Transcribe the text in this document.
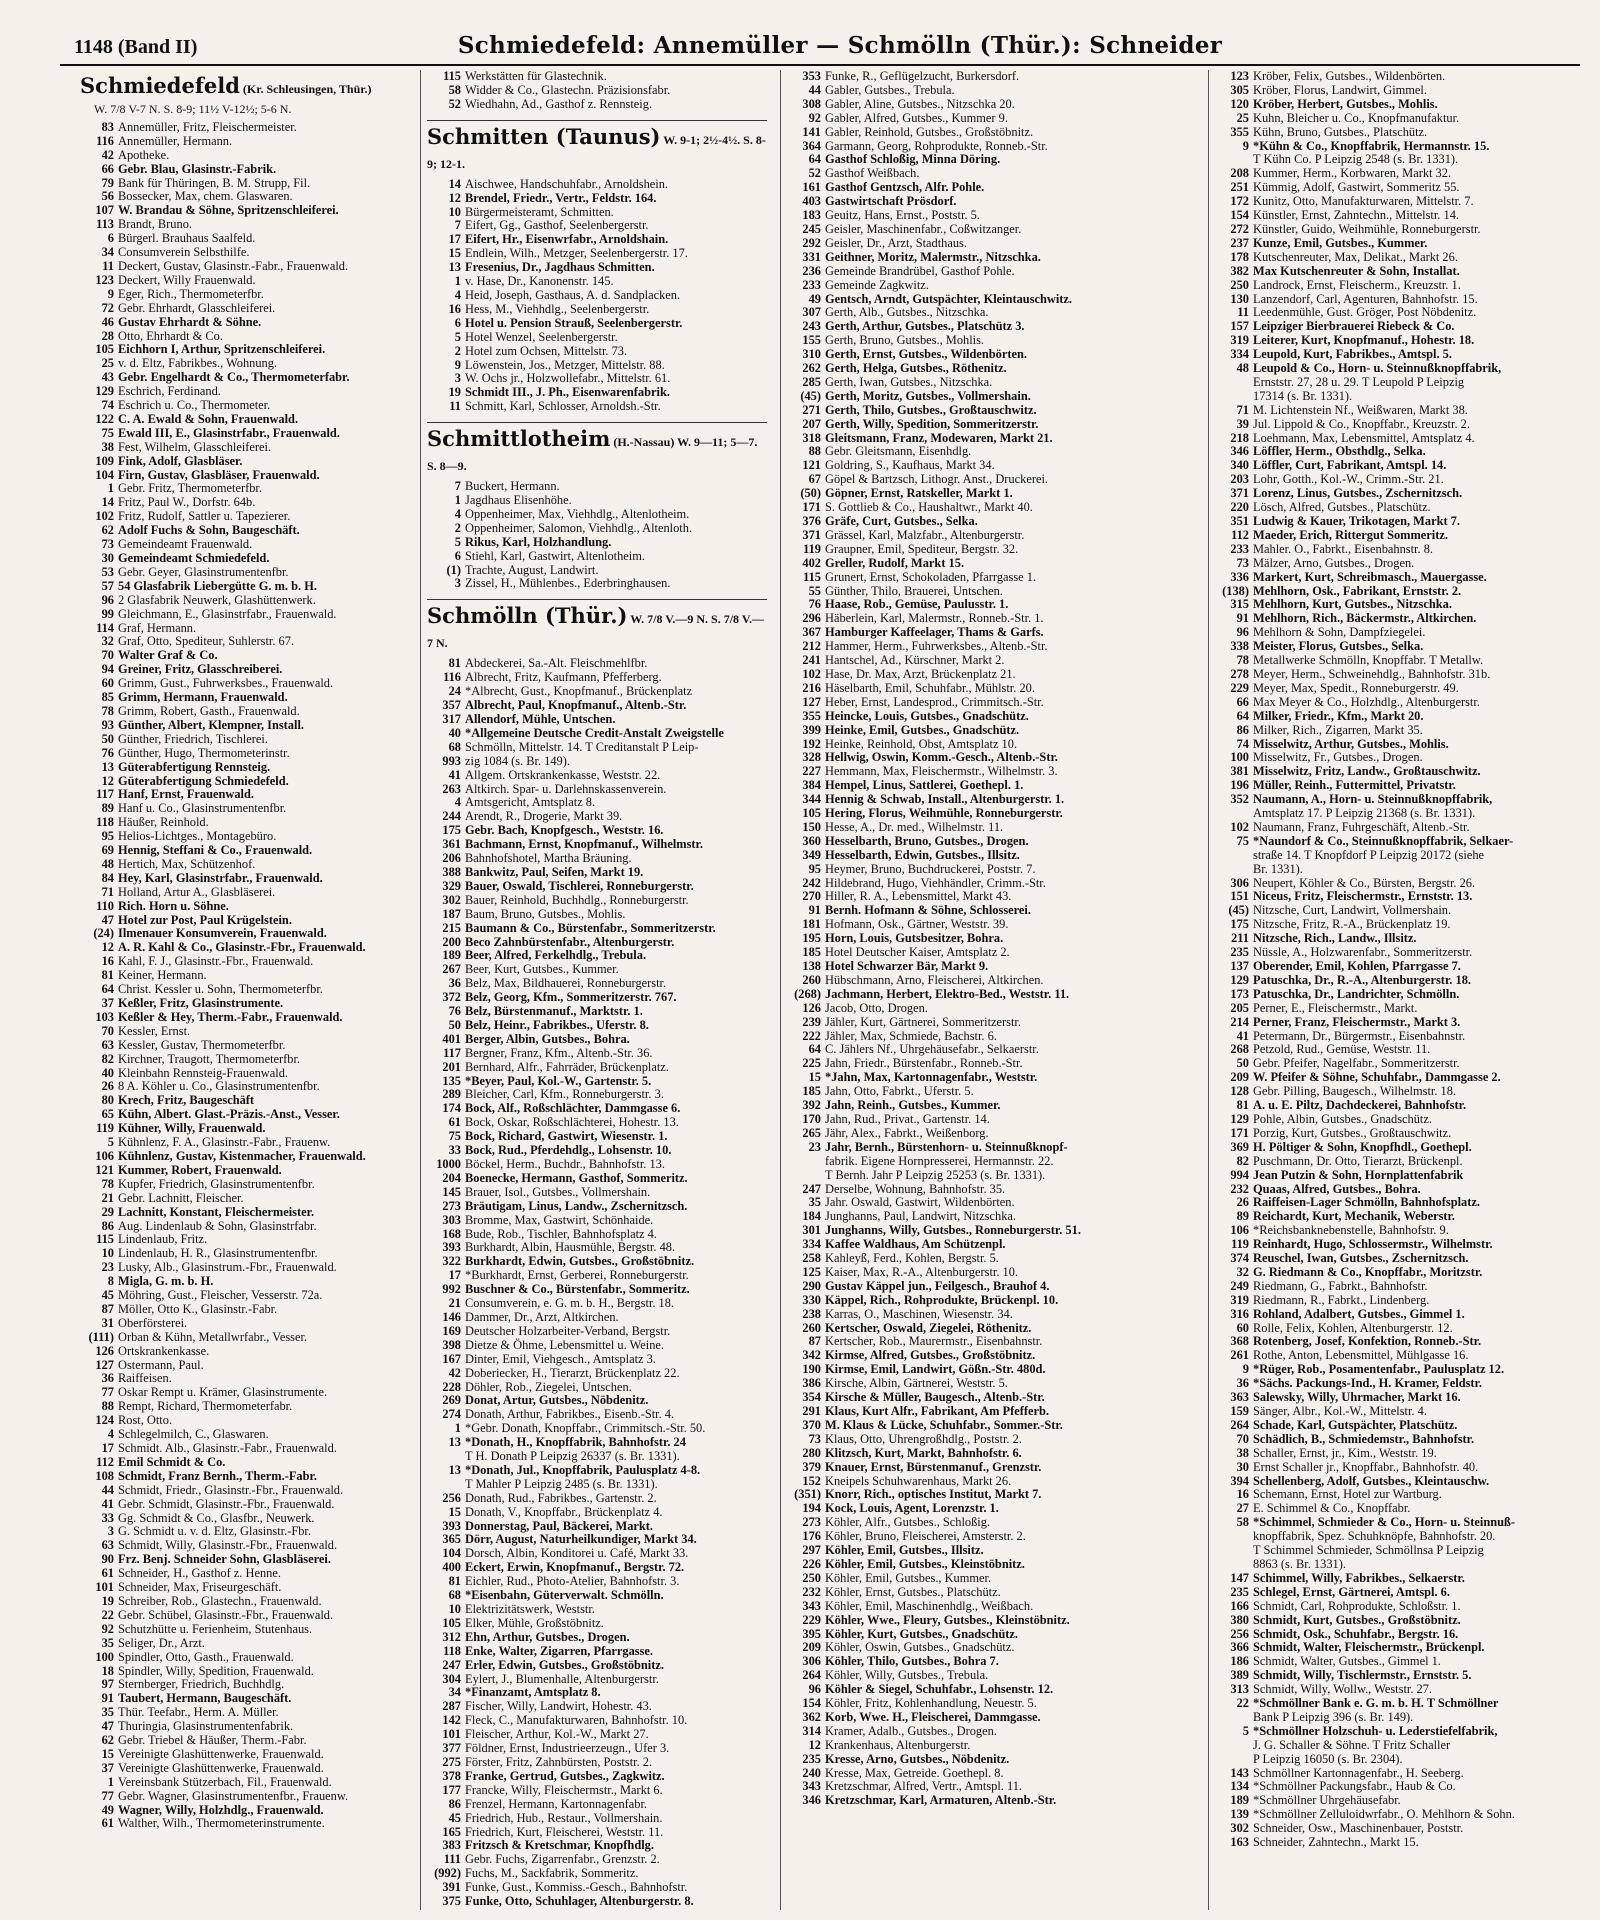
1148 (Band II)	Schmiedefeld: Annemüller — Schmölln (Thür.): Schneider
Schmiedefeld (Kr. Schleusingen, Thür.)
W. 7/8 V-7 N. S. 8-9; 11½ V-12½; 5-6 N.
83 Annemüller, Fritz, Fleischermeister.
116 Annemüller, Hermann.
42 Apotheke.
66 Gebr. Blau, Glasinstr.-Fabrik.
79 Bank für Thüringen, B. M. Strupp, Fil.
56 Bossecker, Max, chem. Glaswaren.
107 W. Brandau & Söhne, Spritzenschleiferei.
113 Brandt, Bruno.
6 Bürgerl. Brauhaus Saalfeld.
34 Consumverein Selbsthilfe.
11 Deckert, Gustav, Glasinstr.-Fabr., Frauenwald.
123 Deckert, Willy Frauenwald.
9 Eger, Rich., Thermometerfbr.
72 Gebr. Ehrhardt, Glasschleiferei.
46 Gustav Ehrhardt & Söhne.
28 Otto, Ehrhardt & Co.
105 Eichhorn I, Arthur, Spritzenschleiferei.
25 v. d. Eltz, Fabrikbes., Wohnung.
43 Gebr. Engelhardt & Co., Thermometerfabr.
129 Eschrich, Ferdinand.
74 Eschrich u. Co., Thermometer.
122 C. A. Ewald & Sohn, Frauenwald.
75 Ewald III, E., Glasinstrfabr., Frauenwald.
38 Fest, Wilhelm, Glasschleiferei.
109 Fink, Adolf, Glasbläser.
104 Firn, Gustav, Glasbläser, Frauenwald.
1 Gebr. Fritz, Thermometerfbr.
14 Fritz, Paul W., Dorfstr. 64b.
102 Fritz, Rudolf, Sattler u. Tapezierer.
62 Adolf Fuchs & Sohn, Baugeschäft.
73 Gemeindeamt Frauenwald.
30 Gemeindeamt Schmiedefeld.
53 Gebr. Geyer, Glasinstrumentenfbr.
57 54 Glasfabrik Liebergütte G. m. b. H.
96 2 Glasfabrik Neuwerk, Glashüttenwerk.
99 Gleichmann, E., Glasinstrfabr., Frauenwald.
114 Graf, Hermann.
32 Graf, Otto, Spediteur, Suhlerstr. 67.
70 Walter Graf & Co.
94 Greiner, Fritz, Glasschreiberei.
60 Grimm, Gust., Fuhrwerksbes., Frauenwald.
85 Grimm, Hermann, Frauenwald.
78 Grimm, Robert, Gasth., Frauenwald.
93 Günther, Albert, Klempner, Install.
50 Günther, Friedrich, Tischlerei.
76 Günther, Hugo, Thermometerinstr.
13 Güterabfertigung Rennsteig.
12 Güterabfertigung Schmiedefeld.
117 Hanf, Ernst, Frauenwald.
89 Hanf u. Co., Glasinstrumentenfbr.
118 Häußer, Reinhold.
95 Helios-Lichtges., Montagebüro.
69 Hennig, Steffani & Co., Frauenwald.
48 Hertich, Max, Schützenhof.
84 Hey, Karl, Glasinstrfabr., Frauenwald.
71 Holland, Artur A., Glasbläserei.
110 Rich. Horn u. Söhne.
47 Hotel zur Post, Paul Krügelstein.
(24) Ilmenauer Konsumverein, Frauenwald.
12 A. R. Kahl & Co., Glasinstr.-Fbr., Frauenwald.
16 Kahl, F. J., Glasinstr.-Fbr., Frauenwald.
81 Keiner, Hermann.
64 Christ. Kessler u. Sohn, Thermometerfbr.
37 Keßler, Fritz, Glasinstrumente.
103 Keßler & Hey, Therm.-Fabr., Frauenwald.
70 Kessler, Ernst.
63 Kessler, Gustav, Thermometerfbr.
82 Kirchner, Traugott, Thermometerfbr.
40 Kleinbahn Rennsteig-Frauenwald.
26 8 A. Köhler u. Co., Glasinstrumentenfbr.
80 Krech, Fritz, Baugeschäft
65 Kühn, Albert. Glast.-Präzis.-Anst., Vesser.
119 Kühner, Willy, Frauenwald.
5 Kühnlenz, F. A., Glasinstr.-Fabr., Frauenw.
106 Kühnlenz, Gustav, Kistenmacher, Frauenwald.
121 Kummer, Robert, Frauenwald.
78 Kupfer, Friedrich, Glasinstrumentenfbr.
21 Gebr. Lachnitt, Fleischer.
29 Lachnitt, Konstant, Fleischermeister.
86 Aug. Lindenlaub & Sohn, Glasinstrfabr.
115 Lindenlaub, Fritz.
10 Lindenlaub, H. R., Glasinstrumentenfbr.
23 Lusky, Alb., Glasinstrum.-Fbr., Frauenwald.
8 Migla, G. m. b. H.
45 Möhring, Gust., Fleischer, Vesserstr. 72a.
87 Möller, Otto K., Glasinstr.-Fabr.
31 Oberförsterei.
(111) Orban & Kühn, Metallwrfabr., Vesser.
126 Ortskrankenkasse.
127 Ostermann, Paul.
36 Raiffeisen.
77 Oskar Rempt u. Krämer, Glasinstrumente.
88 Rempt, Richard, Thermometerfabr.
124 Rost, Otto.
4 Schlegelmilch, C., Glaswaren.
17 Schmidt. Alb., Glasinstr.-Fabr., Frauenwald.
112 Emil Schmidt & Co.
108 Schmidt, Franz Bernh., Therm.-Fabr.
44 Schmidt, Friedr., Glasinstr.-Fbr., Frauenwald.
41 Gebr. Schmidt, Glasinstr.-Fbr., Frauenwald.
33 Gg. Schmidt & Co., Glasfbr., Neuwerk.
3 G. Schmidt u. v. d. Eltz, Glasinstr.-Fbr.
63 Schmidt, Willy, Glasinstr.-Fbr., Frauenwald.
90 Frz. Benj. Schneider Sohn, Glasbläserei.
61 Schneider, H., Gasthof z. Henne.
101 Schneider, Max, Friseurgeschäft.
19 Schreiber, Rob., Glastechn., Frauenwald.
22 Gebr. Schübel, Glasinstr.-Fbr., Frauenwald.
92 Schutzhütte u. Ferienheim, Stutenhaus.
35 Seliger, Dr., Arzt.
100 Spindler, Otto, Gasth., Frauenwald.
18 Spindler, Willy, Spedition, Frauenwald.
97 Sternberger, Friedrich, Buchhdlg.
91 Taubert, Hermann, Baugeschäft.
35 Thür. Teefabr., Herm. A. Müller.
47 Thuringia, Glasinstrumentenfabrik.
62 Gebr. Triebel & Häußer, Therm.-Fabr.
15 Vereinigte Glashüttenwerke, Frauenwald.
37 Vereinigte Glashüttenwerke, Frauenwald.
1 Vereinsbank Stützerbach, Fil., Frauenwald.
77 Gebr. Wagner, Glasinstrumentenfbr., Frauenw.
49 Wagner, Willy, Holzhdlg., Frauenwald.
61 Walther, Wilh., Thermometerinstrumente.
115 Werkstätten für Glastechnik.
58 Widder & Co., Glastechn. Präzisionsfabr.
52 Wiedhahn, Ad., Gasthof z. Rennsteig.
Schmitten (Taunus) W. 9-1; 2½-4½. S. 8-9; 12-1.
14 Aischwee, Handschuhfabr., Arnoldshein.
12 Brendel, Friedr., Vertr., Feldstr. 164.
10 Bürgermeisteramt, Schmitten.
7 Eifert, Gg., Gasthof, Seelenbergerstr.
17 Eifert, Hr., Eisenwrfabr., Arnoldshain.
15 Endlein, Wilh., Metzger, Seelenbergerstr. 17.
13 Fresenius, Dr., Jagdhaus Schmitten.
1 v. Hase, Dr., Kanonenstr. 145.
4 Heid, Joseph, Gasthaus, A. d. Sandplacken.
16 Hess, M., Viehhdlg., Seelenbergerstr.
6 Hotel u. Pension Strauß, Seelenbergerstr.
5 Hotel Wenzel, Seelenbergerstr.
2 Hotel zum Ochsen, Mittelstr. 73.
9 Löwenstein, Jos., Metzger, Mittelstr. 88.
3 W. Ochs jr., Holzwollefabr., Mittelstr. 61.
19 Schmidt III., J. Ph., Eisenwarenfabrik.
11 Schmitt, Karl, Schlosser, Arnoldsh.-Str.
Schmittlotheim (H.-Nassau) W. 9—11; 5—7. S. 8—9.
7 Buckert, Hermann.
1 Jagdhaus Elisenhöhe.
4 Oppenheimer, Max, Viehhdlg., Altenlotheim.
2 Oppenheimer, Salomon, Viehhdlg., Altenloth.
5 Rikus, Karl, Holzhandlung.
6 Stiehl, Karl, Gastwirt, Altenlotheim.
(1) Trachte, August, Landwirt.
3 Zissel, H., Mühlenbes., Ederbringhausen.
Schmölln (Thür.) W. 7/8 V.—9 N. S. 7/8 V.—7 N.
81 Abdeckerei, Sa.-Alt. Fleischmehlfbr.
116 Albrecht, Fritz, Kaufmann, Pfefferberg.
24 *Albrecht, Gust., Knopfmanuf., Brückenplatz
357 Albrecht, Paul, Knopfmanuf., Altenb.-Str.
317 Allendorf, Mühle, Untschen.
40 *Allgemeine Deutsche Credit-Anstalt Zweigstelle
68 Schmölln, Mittelstr. 14. T Creditanstalt P Leip-
993 zig 1084 (s. Br. 149).
41 Allgem. Ortskrankenkasse, Weststr. 22.
263 Altkirch. Spar- u. Darlehnskassenverein.
4 Amtsgericht, Amtsplatz 8.
244 Arendt, R., Drogerie, Markt 39.
175 Gebr. Bach, Knopfgesch., Weststr. 16.
361 Bachmann, Ernst, Knopfmanuf., Wilhelmstr.
206 Bahnhofshotel, Martha Bräuning.
388 Bankwitz, Paul, Seifen, Markt 19.
329 Bauer, Oswald, Tischlerei, Ronneburgerstr.
302 Bauer, Reinhold, Buchhdlg., Ronneburgerstr.
187 Baum, Bruno, Gutsbes., Mohlis.
215 Baumann & Co., Bürstenfabr., Sommeritzerstr.
200 Beco Zahnbürstenfabr., Altenburgerstr.
189 Beer, Alfred, Ferkelhdlg., Trebula.
267 Beer, Kurt, Gutsbes., Kummer.
36 Belz, Max, Bildhauerei, Ronneburgerstr.
372 Belz, Georg, Kfm., Sommeritzerstr. 767.
76 Belz, Bürstenmanuf., Marktstr. 1.
50 Belz, Heinr., Fabrikbes., Uferstr. 8.
401 Berger, Albin, Gutsbes., Bohra.
117 Bergner, Franz, Kfm., Altenb.-Str. 36.
201 Bernhard, Alfr., Fahrräder, Brückenplatz.
135 *Beyer, Paul, Kol.-W., Gartenstr. 5.
289 Bleicher, Carl, Kfm., Ronneburgerstr. 3.
174 Bock, Alf., Roßschlächter, Dammgasse 6.
61 Bock, Oskar, Roßschlächterei, Hohestr. 13.
75 Bock, Richard, Gastwirt, Wiesenstr. 1.
33 Bock, Rud., Pferdehdlg., Lohsenstr. 10.
1000 Böckel, Herm., Buchdr., Bahnhofstr. 13.
204 Boenecke, Hermann, Gasthof, Sommeritz.
145 Brauer, Isol., Gutsbes., Vollmershain.
273 Bräutigam, Linus, Landw., Zschernitzsch.
303 Bromme, Max, Gastwirt, Schönhaide.
168 Bude, Rob., Tischler, Bahnhofsplatz 4.
393 Burkhardt, Albin, Hausmühle, Bergstr. 48.
322 Burkhardt, Edwin, Gutsbes., Großstöbnitz.
17 *Burkhardt, Ernst, Gerberei, Ronneburgerstr.
992 Buschner & Co., Bürstenfabr., Sommeritz.
21 Consumverein, e. G. m. b. H., Bergstr. 18.
146 Dammer, Dr., Arzt, Altkirchen.
169 Deutscher Holzarbeiter-Verband, Bergstr.
398 Dietze & Öhme, Lebensmittel u. Weine.
167 Dinter, Emil, Viehgesch., Amtsplatz 3.
42 Doberiecker, H., Tierarzt, Brückenplatz 22.
228 Döhler, Rob., Ziegelei, Untschen.
269 Donat, Artur, Gutsbes., Nöbdenitz.
274 Donath, Arthur, Fabrikbes., Eisenb.-Str. 4.
1 *Gebr. Donath, Knopffabr., Crimmitsch.-Str. 50.
13 *Donath, H., Knopffabrik, Bahnhofstr. 24
T H. Donath P Leipzig 26337 (s. Br. 1331).
13 *Donath, Jul., Knopffabrik, Paulusplatz 4-8.
T Mahler P Leipzig 2485 (s. Br. 1331).
256 Donath, Rud., Fabrikbes., Gartenstr. 2.
15 Donath, V., Knopffabr., Brückenplatz 4.
393 Donnerstag, Paul, Bäckerei, Markt.
365 Dörr, August, Naturheilkundiger, Markt 34.
104 Dorsch, Albin, Konditorei u. Café, Markt 33.
400 Eckert, Erwin, Knopfmanuf., Bergstr. 72.
81 Eichler, Rud., Photo-Atelier, Bahnhofstr. 3.
68 *Eisenbahn, Güterverwalt. Schmölln.
10 Elektrizitätswerk, Weststr.
105 Elker, Mühle, Großstöbnitz.
312 Ehn, Arthur, Gutsbes., Drogen.
118 Enke, Walter, Zigarren, Pfarrgasse.
247 Erler, Edwin, Gutsbes., Großstöbnitz.
304 Eylert, J., Blumenhalle, Altenburgerstr.
34 *Finanzamt, Amtsplatz 8.
287 Fischer, Willy, Landwirt, Hohestr. 43.
142 Fleck, C., Manufakturwaren, Bahnhofstr. 10.
101 Fleischer, Arthur, Kol.-W., Markt 27.
377 Földner, Ernst, Industrieerzeugn., Ufer 3.
275 Förster, Fritz, Zahnbürsten, Poststr. 2.
378 Franke, Gertrud, Gutsbes., Zagkwitz.
177 Francke, Willy, Fleischermstr., Markt 6.
86 Frenzel, Hermann, Kartonnagenfabr.
45 Friedrich, Hub., Restaur., Vollmershain.
165 Friedrich, Kurt, Fleischerei, Weststr. 11.
383 Fritzsch & Kretschmar, Knopfhdlg.
111 Gebr. Fuchs, Zigarrenfabr., Grenzstr. 2.
(992) Fuchs, M., Sackfabrik, Sommeritz.
391 Funke, Gust., Kommiss.-Gesch., Bahnhofstr.
375 Funke, Otto, Schuhlager, Altenburgerstr. 8.
353 Funke, R., Geflügelzucht, Burkersdorf.
44 Gabler, Gutsbes., Trebula.
308 Gabler, Aline, Gutsbes., Nitzschka 20.
92 Gabler, Alfred, Gutsbes., Kummer 9.
141 Gabler, Reinhold, Gutsbes., Großstöbnitz.
364 Garmann, Georg, Rohprodukte, Ronneb.-Str.
64 Gasthof Schloßig, Minna Döring.
52 Gasthof Weißbach.
161 Gasthof Gentzsch, Alfr. Pohle.
403 Gastwirtschaft Prösdorf.
183 Geuitz, Hans, Ernst., Poststr. 5.
245 Geisler, Maschinenfabr., Coßwitzanger.
292 Geisler, Dr., Arzt, Stadthaus.
331 Geithner, Moritz, Malermstr., Nitzschka.
236 Gemeinde Brandrübel, Gasthof Pohle.
233 Gemeinde Zagkwitz.
49 Gentsch, Arndt, Gutspächter, Kleintauschwitz.
307 Gerth, Alb., Gutsbes., Nitzschka.
243 Gerth, Arthur, Gutsbes., Platschütz 3.
155 Gerth, Bruno, Gutsbes., Mohlis.
310 Gerth, Ernst, Gutsbes., Wildenbörten.
262 Gerth, Helga, Gutsbes., Röthenitz.
285 Gerth, Iwan, Gutsbes., Nitzschka.
(45) Gerth, Moritz, Gutsbes., Vollmershain.
271 Gerth, Thilo, Gutsbes., Großtauschwitz.
207 Gerth, Willy, Spedition, Sommeritzerstr.
318 Gleitsmann, Franz, Modewaren, Markt 21.
88 Gebr. Gleitsmann, Eisenhdlg.
121 Goldring, S., Kaufhaus, Markt 34.
67 Göpel & Bartzsch, Lithogr. Anst., Druckerei.
(50) Göpner, Ernst, Ratskeller, Markt 1.
171 S. Gottlieb & Co., Haushaltwr., Markt 40.
376 Gräfe, Curt, Gutsbes., Selka.
371 Grässel, Karl, Malzfabr., Altenburgerstr.
119 Graupner, Emil, Spediteur, Bergstr. 32.
402 Greller, Rudolf, Markt 15.
115 Grunert, Ernst, Schokoladen, Pfarrgasse 1.
55 Günther, Thilo, Brauerei, Untschen.
76 Haase, Rob., Gemüse, Paulusstr. 1.
296 Häberlein, Karl, Malermstr., Ronneb.-Str. 1.
367 Hamburger Kaffeelager, Thams & Garfs.
212 Hammer, Herm., Fuhrwerksbes., Altenb.-Str.
241 Hantschel, Ad., Kürschner, Markt 2.
102 Hase, Dr. Max, Arzt, Brückenplatz 21.
216 Häselbarth, Emil, Schuhfabr., Mühlstr. 20.
127 Heber, Ernst, Landesprod., Crimmitsch.-Str.
355 Heincke, Louis, Gutsbes., Gnadschütz.
399 Heinke, Emil, Gutsbes., Gnadschütz.
192 Heinke, Reinhold, Obst, Amtsplatz 10.
328 Hellwig, Oswin, Komm.-Gesch., Altenb.-Str.
227 Hemmann, Max, Fleischermstr., Wilhelmstr. 3.
384 Hempel, Linus, Sattlerei, Goethepl. 1.
344 Hennig & Schwab, Install., Altenburgerstr. 1.
105 Hering, Florus, Weihmühle, Ronneburgerstr.
150 Hesse, A., Dr. med., Wilhelmstr. 11.
360 Hesselbarth, Bruno, Gutsbes., Drogen.
349 Hesselbarth, Edwin, Gutsbes., Illsitz.
95 Heymer, Bruno, Buchdruckerei, Poststr. 7.
242 Hildebrand, Hugo, Viehhändler, Crimm.-Str.
270 Hiller, R. A., Lebensmittel, Markt 43.
91 Bernh. Hofmann & Söhne, Schlosserei.
181 Hofmann, Osk., Gärtner, Weststr. 39.
195 Horn, Louis, Gutsbesitzer, Bohra.
185 Hotel Deutscher Kaiser, Amtsplatz 2.
138 Hotel Schwarzer Bär, Markt 9.
260 Hübschmann, Arno, Fleischerei, Altkirchen.
(268) Jachmann, Herbert, Elektro-Bed., Weststr. 11.
126 Jacob, Otto, Drogen.
239 Jähler, Kurt, Gärtnerei, Sommeritzerstr.
222 Jähler, Max, Schmiede, Bachstr. 6.
64 C. Jählers Nf., Uhrgehäusefabr., Selkaerstr.
225 Jahn, Friedr., Bürstenfabr., Ronneb.-Str.
15 *Jahn, Max, Kartonnagenfabr., Weststr.
185 Jahn, Otto, Fabrkt., Uferstr. 5.
392 Jahn, Reinh., Gutsbes., Kummer.
170 Jahn, Rud., Privat., Gartenstr. 14.
265 Jähr, Alex., Fabrkt., Weißenborg.
23 Jahr, Bernh., Bürstenhorn- u. Steinnußknopf-
fabrik. Eigene Hornpresserei, Hermannstr. 22.
T Bernh. Jahr P Leipzig 25253 (s. Br. 1331).
247 Derselbe, Wohnung, Bahnhofstr. 35.
35 Jahr. Oswald, Gastwirt, Wildenbörten.
184 Junghanns, Paul, Landwirt, Nitzschka.
301 Junghanns, Willy, Gutsbes., Ronneburgerstr. 51.
334 Kaffee Waldhaus, Am Schützenpl.
258 Kahleyß, Ferd., Kohlen, Bergstr. 5.
125 Kaiser, Max, R.-A., Altenburgerstr. 10.
290 Gustav Käppel jun., Feilgesch., Brauhof 4.
330 Käppel, Rich., Rohprodukte, Brückenpl. 10.
238 Karras, O., Maschinen, Wiesenstr. 34.
260 Kertscher, Oswald, Ziegelei, Röthenitz.
87 Kertscher, Rob., Maurermstr., Eisenbahnstr.
342 Kirmse, Alfred, Gutsbes., Großstöbnitz.
190 Kirmse, Emil, Landwirt, Gößn.-Str. 480d.
386 Kirsche, Albin, Gärtnerei, Weststr. 5.
354 Kirsche & Müller, Baugesch., Altenb.-Str.
291 Klaus, Kurt Alfr., Fabrikant, Am Pfefferb.
370 M. Klaus & Lücke, Schuhfabr., Sommer.-Str.
73 Klaus, Otto, Uhrengroßhdlg., Poststr. 2.
280 Klitzsch, Kurt, Markt, Bahnhofstr. 6.
379 Knauer, Ernst, Bürstenmanuf., Grenzstr.
152 Kneipels Schuhwarenhaus, Markt 26.
(351) Knorr, Rich., optisches Institut, Markt 7.
194 Kock, Louis, Agent, Lorenzstr. 1.
273 Köhler, Alfr., Gutsbes., Schloßig.
176 Köhler, Bruno, Fleischerei, Amsterstr. 2.
297 Köhler, Emil, Gutsbes., Illsitz.
226 Köhler, Emil, Gutsbes., Kleinstöbnitz.
250 Köhler, Emil, Gutsbes., Kummer.
232 Köhler, Ernst, Gutsbes., Platschütz.
343 Köhler, Emil, Maschinenhdlg., Weißbach.
229 Köhler, Wwe., Fleury, Gutsbes., Kleinstöbnitz.
395 Köhler, Kurt, Gutsbes., Gnadschütz.
209 Köhler, Oswin, Gutsbes., Gnadschütz.
306 Köhler, Thilo, Gutsbes., Bohra 7.
264 Köhler, Willy, Gutsbes., Trebula.
96 Köhler & Siegel, Schuhfabr., Lohsenstr. 12.
154 Köhler, Fritz, Kohlenhandlung, Neuestr. 5.
362 Korb, Wwe. H., Fleischerei, Dammgasse.
314 Kramer, Adalb., Gutsbes., Drogen.
12 Krankenhaus, Altenburgerstr.
235 Kresse, Arno, Gutsbes., Nöbdenitz.
240 Kresse, Max, Getreide. Goethepl. 8.
343 Kretzschmar, Alfred, Vertr., Amtspl. 11.
346 Kretzschmar, Karl, Armaturen, Altenb.-Str.
123 Kröber, Felix, Gutsbes., Wildenbörten.
305 Kröber, Florus, Landwirt, Gimmel.
120 Kröber, Herbert, Gutsbes., Mohlis.
25 Kuhn, Bleicher u. Co., Knopfmanufaktur.
355 Kühn, Bruno, Gutsbes., Platschütz.
9 *Kühn & Co., Knopffabrik, Hermannstr. 15.
T Kühn Co. P Leipzig 2548 (s. Br. 1331).
208 Kummer, Herm., Korbwaren, Markt 32.
251 Kümmig, Adolf, Gastwirt, Sommeritz 55.
172 Kunitz, Otto, Manufakturwaren, Mittelstr. 7.
154 Künstler, Ernst, Zahntechn., Mittelstr. 14.
272 Künstler, Guido, Weihmühle, Ronneburgerstr.
237 Kunze, Emil, Gutsbes., Kummer.
178 Kutschenreuter, Max, Delikat., Markt 26.
382 Max Kutschenreuter & Sohn, Installat.
250 Landrock, Ernst, Fleischerm., Kreuzstr. 1.
130 Lanzendorf, Carl, Agenturen, Bahnhofstr. 15.
11 Leedenmühle, Gust. Gröger, Post Nöbdenitz.
157 Leipziger Bierbrauerei Riebeck & Co.
319 Leiterer, Kurt, Knopfmanuf., Hohestr. 18.
334 Leupold, Kurt, Fabrikbes., Amtspl. 5.
48 Leupold & Co., Horn- u. Steinnußknopffabrik,
Ernststr. 27, 28 u. 29. T Leupold P Leipzig
17314 (s. Br. 1331).
71 M. Lichtenstein Nf., Weißwaren, Markt 38.
39 Jul. Lippold & Co., Knopffabr., Kreuzstr. 2.
218 Loehmann, Max, Lebensmittel, Amtsplatz 4.
346 Löffler, Herm., Obsthdlg., Selka.
340 Löffler, Curt, Fabrikant, Amtspl. 14.
203 Lohr, Gotth., Kol.-W., Crimm.-Str. 21.
371 Lorenz, Linus, Gutsbes., Zschernitzsch.
220 Lösch, Alfred, Gutsbes., Platschütz.
351 Ludwig & Kauer, Trikotagen, Markt 7.
112 Maeder, Erich, Rittergut Sommeritz.
233 Mahler. O., Fabrkt., Eisenbahnstr. 8.
73 Mälzer, Arno, Gutsbes., Drogen.
336 Markert, Kurt, Schreibmasch., Mauergasse.
(138) Mehlhorn, Osk., Fabrikant, Ernststr. 2.
315 Mehlhorn, Kurt, Gutsbes., Nitzschka.
91 Mehlhorn, Rich., Bäckermstr., Altkirchen.
96 Mehlhorn & Sohn, Dampfziegelei.
338 Meister, Florus, Gutsbes., Selka.
78 Metallwerke Schmölln, Knopffabr. T Metallw.
278 Meyer, Herm., Schweinehdlg., Bahnhofstr. 31b.
229 Meyer, Max, Spedit., Ronneburgerstr. 49.
66 Max Meyer & Co., Holzhdlg., Altenburgerstr.
64 Milker, Friedr., Kfm., Markt 20.
86 Milker, Rich., Zigarren, Markt 35.
74 Misselwitz, Arthur, Gutsbes., Mohlis.
100 Misselwitz, Fr., Gutsbes., Drogen.
381 Misselwitz, Fritz, Landw., Großtauschwitz.
196 Müller, Reinh., Futtermittel, Privatstr.
352 Naumann, A., Horn- u. Steinnußknopffabrik,
Amtsplatz 17. P Leipzig 21368 (s. Br. 1331).
102 Naumann, Franz, Fuhrgeschäft, Altenb.-Str.
75 *Naundorf & Co., Steinnußknopffabrik, Selkaer-
straße 14. T Knopfdorf P Leipzig 20172 (siehe
Br. 1331).
306 Neupert, Köhler & Co., Bürsten, Bergstr. 26.
151 Niceus, Fritz, Fleischermstr., Ernststr. 13.
(45) Nitzsche, Curt, Landwirt, Vollmershain.
175 Nitzsche, Fritz, R.-A., Brückenplatz 19.
211 Nitzsche, Rich., Landw., Illsitz.
235 Nüssle, A., Holzwarenfabr., Sommeritzerstr.
137 Oberender, Emil, Kohlen, Pfarrgasse 7.
129 Patuschka, Dr., R.-A., Altenburgerstr. 18.
173 Patuschka, Dr., Landrichter, Schmölln.
205 Perner, E., Fleischermstr., Markt.
214 Perner, Franz, Fleischermstr., Markt 3.
41 Petermann, Dr., Bürgermstr., Eisenbahnstr.
268 Petzold, Rud., Gemüse, Weststr. 11.
50 Gebr. Pfeifer, Nagelfabr., Sommeritzerstr.
209 W. Pfeifer & Söhne, Schuhfabr., Dammgasse 2.
128 Gebr. Pilling, Baugesch., Wilhelmstr. 18.
81 A. u. E. Piltz, Dachdeckerei, Bahnhofstr.
129 Pohle, Albin, Gutsbes., Gnadschütz.
171 Porzig, Kurt, Gutsbes., Großtauschwitz.
369 H. Pöltiger & Sohn, Knopfhdl., Goethepl.
82 Puschmann, Dr. Otto, Tierarzt, Brückenpl.
994 Jean Putzin & Sohn, Hornplattenfabrik
232 Quaas, Alfred, Gutsbes., Bohra.
26 Raiffeisen-Lager Schmölln, Bahnhofsplatz.
89 Reichardt, Kurt, Mechanik, Weberstr.
106 *Reichsbanknebenstelle, Bahnhofstr. 9.
119 Reinhardt, Hugo, Schlossermstr., Wilhelmstr.
374 Reuschel, Iwan, Gutsbes., Zschernitzsch.
32 G. Riedmann & Co., Knopffabr., Moritzstr.
249 Riedmann, G., Fabrkt., Bahnhofstr.
319 Riedmann, R., Fabrkt., Lindenberg.
316 Rohland, Adalbert, Gutsbes., Gimmel 1.
60 Rolle, Felix, Kohlen, Altenburgerstr. 12.
368 Rotenberg, Josef, Konfektion, Ronneb.-Str.
261 Rothe, Anton, Lebensmittel, Mühlgasse 16.
9 *Rüger, Rob., Posamentenfabr., Paulusplatz 12.
36 *Sächs. Packungs-Ind., H. Kramer, Feldstr.
363 Salewsky, Willy, Uhrmacher, Markt 16.
159 Sänger, Albr., Kol.-W., Mittelstr. 4.
264 Schade, Karl, Gutspächter, Platschütz.
70 Schädlich, B., Schmiedemstr., Bahnhofstr.
38 Schaller, Ernst, jr., Kim., Weststr. 19.
30 Ernst Schaller jr., Knopffabr., Bahnhofstr. 40.
394 Schellenberg, Adolf, Gutsbes., Kleintauschw.
16 Schemann, Ernst, Hotel zur Wartburg.
27 E. Schimmel & Co., Knopffabr.
58 *Schimmel, Schmieder & Co., Horn- u. Steinnuß-
knopffabrik, Spez. Schuhknöpfe, Bahnhofstr. 20.
T Schimmel Schmieder, Schmöllnsa P Leipzig
8863 (s. Br. 1331).
147 Schimmel, Willy, Fabrikbes., Selkaerstr.
235 Schlegel, Ernst, Gärtnerei, Amtspl. 6.
166 Schmidt, Carl, Rohprodukte, Schloßstr. 1.
380 Schmidt, Kurt, Gutsbes., Großstöbnitz.
256 Schmidt, Osk., Schuhfabr., Bergstr. 16.
366 Schmidt, Walter, Fleischermstr., Brückenpl.
186 Schmidt, Walter, Gutsbes., Gimmel 1.
389 Schmidt, Willy, Tischlermstr., Ernststr. 5.
313 Schmidt, Willy, Wollw., Weststr. 27.
22 *Schmöllner Bank e. G. m. b. H. T Schmöllner
Bank P Leipzig 396 (s. Br. 149).
5 *Schmöllner Holzschuh- u. Lederstiefelfabrik,
J. G. Schaller & Söhne. T Fritz Schaller
P Leipzig 16050 (s. Br. 2304).
143 Schmöllner Kartonnagenfabr., H. Seeberg.
134 *Schmöllner Packungsfabr., Haub & Co.
189 *Schmöllner Uhrgehäusefabr.
139 *Schmöllner Zelluloidwrfabr., O. Mehlhorn & Sohn.
302 Schneider, Osw., Maschinenbauer, Poststr.
163 Schneider, Zahntechn., Markt 15.
